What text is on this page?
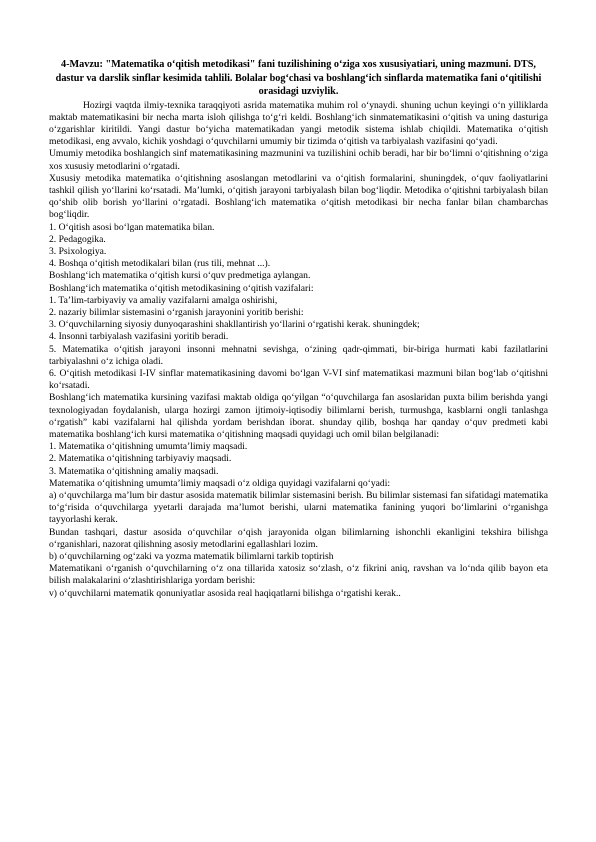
4-Mavzu: "Matematika o‘qitish metodikasi" fani tuzilishining o‘ziga xos xususiyatiari, uning mazmuni. DTS, dastur va darslik sinflar kesimida tahlili. Bolalar bog‘chasi va boshlang‘ich sinflarda matematika fani o‘qitilishi orasidagi uzviylik.

Hozirgi vaqtda ilmiy-texnika taraqqiyoti asrida matematika muhim rol o‘ynaydi. shuning uchun keyingi o‘n yilliklarda maktab matematikasini bir necha marta isloh qilishga to‘g‘ri keldi. Boshlang‘ich sinmatematikasini o‘qitish va uning dasturiga o‘zgarishlar kiritildi. Yangi dastur bo‘yicha matematikadan yangi metodik sistema ishlab chiqildi. Matematika o‘qitish metodikasi, eng avvalo, kichik yoshdagi o‘quvchilarni umumiy bir tizimda o‘qitish va tarbiyalash vazifasini qo‘yadi.

Umumiy metodika boshlangich sinf matematikasining mazmunini va tuzilishini ochib beradi, har bir bo‘limni o‘qitishning o‘ziga xos xususiy metodlarini o‘rgatadi.

Xususiy metodika matematika o‘qitishning asoslangan metodlarini va o‘qitish formalarini, shuningdek, o‘quv faoliyatlarini tashkil qilish yo‘llarini ko‘rsatadi. Ma’lumki, o‘qitish jarayoni tarbiyalash bilan bog‘liqdir. Metodika o‘qitishni tarbiyalash bilan qo‘shib olib borish yo‘llarini o‘rgatadi. Boshlang‘ich matematika o‘qitish metodikasi bir necha fanlar bilan chambarchas bog‘liqdir.

1. O‘qitish asosi bo‘lgan matematika bilan.

2. Pedagogika.

3. Psixologiya.

4. Boshqa o‘qitish metodikalari bilan (rus tili, mehnat ...).

Boshlang‘ich matematika o‘qitish kursi o‘quv predmetiga aylangan.

Boshlang‘ich matematika o‘qitish metodikasining o‘qitish vazifalari:

1. Ta’lim-tarbiyaviy va amaliy vazifalarni amalga oshirishi,

2. nazariy bilimlar sistemasini o‘rganish jarayonini yoritib berishi:

3. O‘quvchilarning siyosiy dunyoqarashini shakllantirish yo‘llarini o‘rgatishi kerak. shuningdek;

4. Insonni tarbiyalash vazifasini yoritib beradi.

5. Matematika o‘qitish jarayoni insonni mehnatni sevishga, o‘zining qadr-qimmati, bir-biriga hurmati kabi fazilatlarini tarbiyalashni o‘z ichiga oladi.

6. O‘qitish metodikasi I-IV sinflar matematikasining davomi bo‘lgan V-VI sinf matematikasi mazmuni bilan bog‘lab o‘qitishni ko‘rsatadi.

Boshlang‘ich matematika kursining vazifasi maktab oldiga qo‘yilgan “o‘quvchilarga fan asoslaridan puxta bilim berishda yangi texnologiyadan foydalanish, ularga hozirgi zamon ijtimoiy-iqtisodiy bilimlarni berish, turmushga, kasblarni ongli tanlashga o‘rgatish” kabi vazifalarni hal qilishda yordam berishdan iborat. shunday qilib, boshqa har qanday o‘quv predmeti kabi matematika boshlang‘ich kursi matematika o‘qitishning maqsadi quyidagi uch omil bilan belgilanadi:

1. Matematika o‘qitishning umumta’limiy maqsadi.

2. Matematika o‘qitishning tarbiyaviy maqsadi.

3. Matematika o‘qitishning amaliy maqsadi.

Matematika o‘qitishning umumta’limiy maqsadi o‘z oldiga quyidagi vazifalarni qo‘yadi:

a) o‘quvchilarga ma’lum bir dastur asosida matematik bilimlar sistemasini berish. Bu bilimlar sistemasi fan sifatidagi matematika to‘g‘risida o‘quvchilarga yyetarli darajada ma’lumot berishi, ularni matematika fanining yuqori bo‘limlarini o‘rganishga tayyorlashi kerak.

Bundan tashqari, dastur asosida o‘quvchilar o‘qish jarayonida olgan bilimlarning ishonchli ekanligini tekshira bilishga o‘rganishlari, nazorat qilishning asosiy metodlarini egallashlari lozim.

b) o‘quvchilarning og‘zaki va yozma matematik bilimlarni tarkib toptirish

Matematikani o‘rganish o‘quvchilarning o‘z ona tillarida xatosiz so‘zlash, o‘z fikrini aniq, ravshan va lo‘nda qilib bayon eta bilish malakalarini o‘zlashtirishlariga yordam berishi:

v) o‘quvchilarni matematik qonuniyatlar asosida real haqiqatlarni bilishga o‘rgatishi kerak..
